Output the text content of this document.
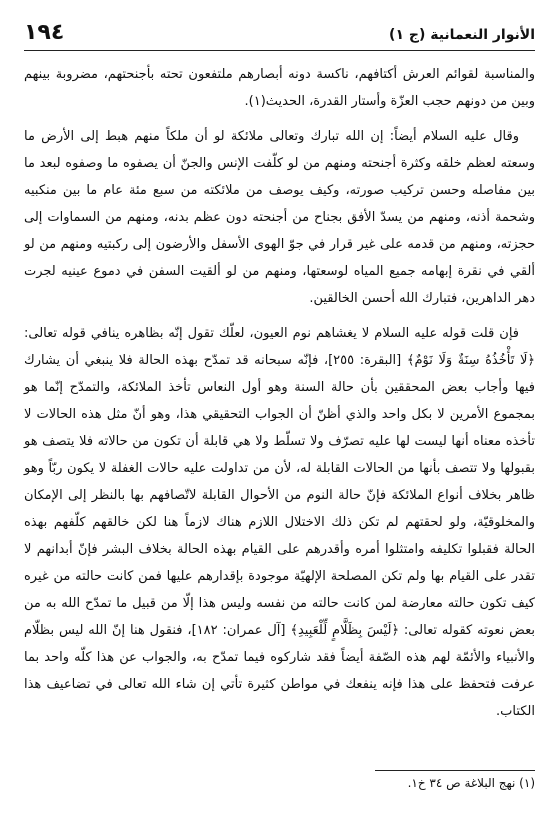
الأنوار النعمانية (ج ١)
١٩٤

والمناسبة لقوائم العرش أكتافهم، ناكسة دونه أبصارهم ملتفعون تحته بأجنحتهم، مضروبة بينهم وبين من دونهم حجب العزّة وأستار القدرة، الحديث(١).

وقال عليه السلام أيضاً: إن الله تبارك وتعالى ملائكة لو أن ملكاً منهم هبط إلى الأرض ما وسعته لعظم خلقه وكثرة أجنحته ومنهم من لو كلّفت الإنس والجنّ أن يصفوه ما وصفوه لبعد ما بين مفاصله وحسن تركيب صورته، وكيف يوصف من ملائكته من سبع مئة عام ما بين منكبيه وشحمة أذنه، ومنهم من يسدّ الأفق بجناح من أجنحته دون عظم بدنه، ومنهم من السماوات إلى حجزته، ومنهم من قدمه على غير قرار في جوّ الهوى الأسفل والأرضون إلى ركبتيه ومنهم من لو ألقي في نقرة إبهامه جميع المياه لوسعتها، ومنهم من لو ألقيت السفن في دموع عينيه لجرت دهر الداهرين، فتبارك الله أحسن الخالقين.

فإن قلت قوله عليه السلام لا يغشاهم نوم العيون، لعلّك تقول إنّه بظاهره ينافي قوله تعالى: ﴿لَا تَأْخُذُهُ سِنَةٌ وَلَا نَوْمٌ﴾ [البقرة: ٢٥٥]، فإنّه سبحانه قد تمدّح بهذه الحالة فلا ينبغي أن يشارك فيها وأجاب بعض المحققين بأن حالة السنة وهو أول النعاس تأخذ الملائكة، والتمدّح إنّما هو بمجموع الأمرين لا بكل واحد والذي أظنّ أن الجواب التحقيقي هذا، وهو أنّ مثل هذه الحالات لا تأخذه معناه أنها ليست لها عليه تصرّف ولا تسلّط ولا هي قابلة أن تكون من حالاته فلا يتصف هو بقبولها ولا تتصف بأنها من الحالات القابلة له، لأن من تداولت عليه حالات الغفلة لا يكون ربّاً وهو ظاهر بخلاف أنواع الملائكة فإنّ حالة النوم من الأحوال القابلة لاتّصافهم بها بالنظر إلى الإمكان والمخلوقيّة، ولو لحقتهم لم تكن ذلك الاختلال اللازم هناك لازماً هنا لكن خالقهم كلّفهم بهذه الحالة فقبلوا تكليفه وامتثلوا أمره وأقدرهم على القيام بهذه الحالة بخلاف البشر فإنّ أبدانهم لا تقدر على القيام بها ولم تكن المصلحة الإلهيّة موجودة بإقدارهم عليها فمن كانت حالته من غيره كيف تكون حالته معارضة لمن كانت حالته من نفسه وليس هذا إلّا من قبيل ما تمدّح الله به من بعض نعوته كقوله تعالى: ﴿لَيْسَ بِظَلَّامٍ لِّلْعَبِيدِ﴾ [آل عمران: ١٨٢]، فنقول هنا إنّ الله ليس بظلّام والأنبياء والأئمّة لهم هذه الصّفة أيضاً فقد شاركوه فيما تمدّح به، والجواب عن هذا كلّه واحد بما عرفت فتحفظ على هذا فإنه ينفعك في مواطن كثيرة تأتي إن شاء الله تعالى في تضاعيف هذا الكتاب.

(١) نهج البلاغة ص ٣٤ خ١.
